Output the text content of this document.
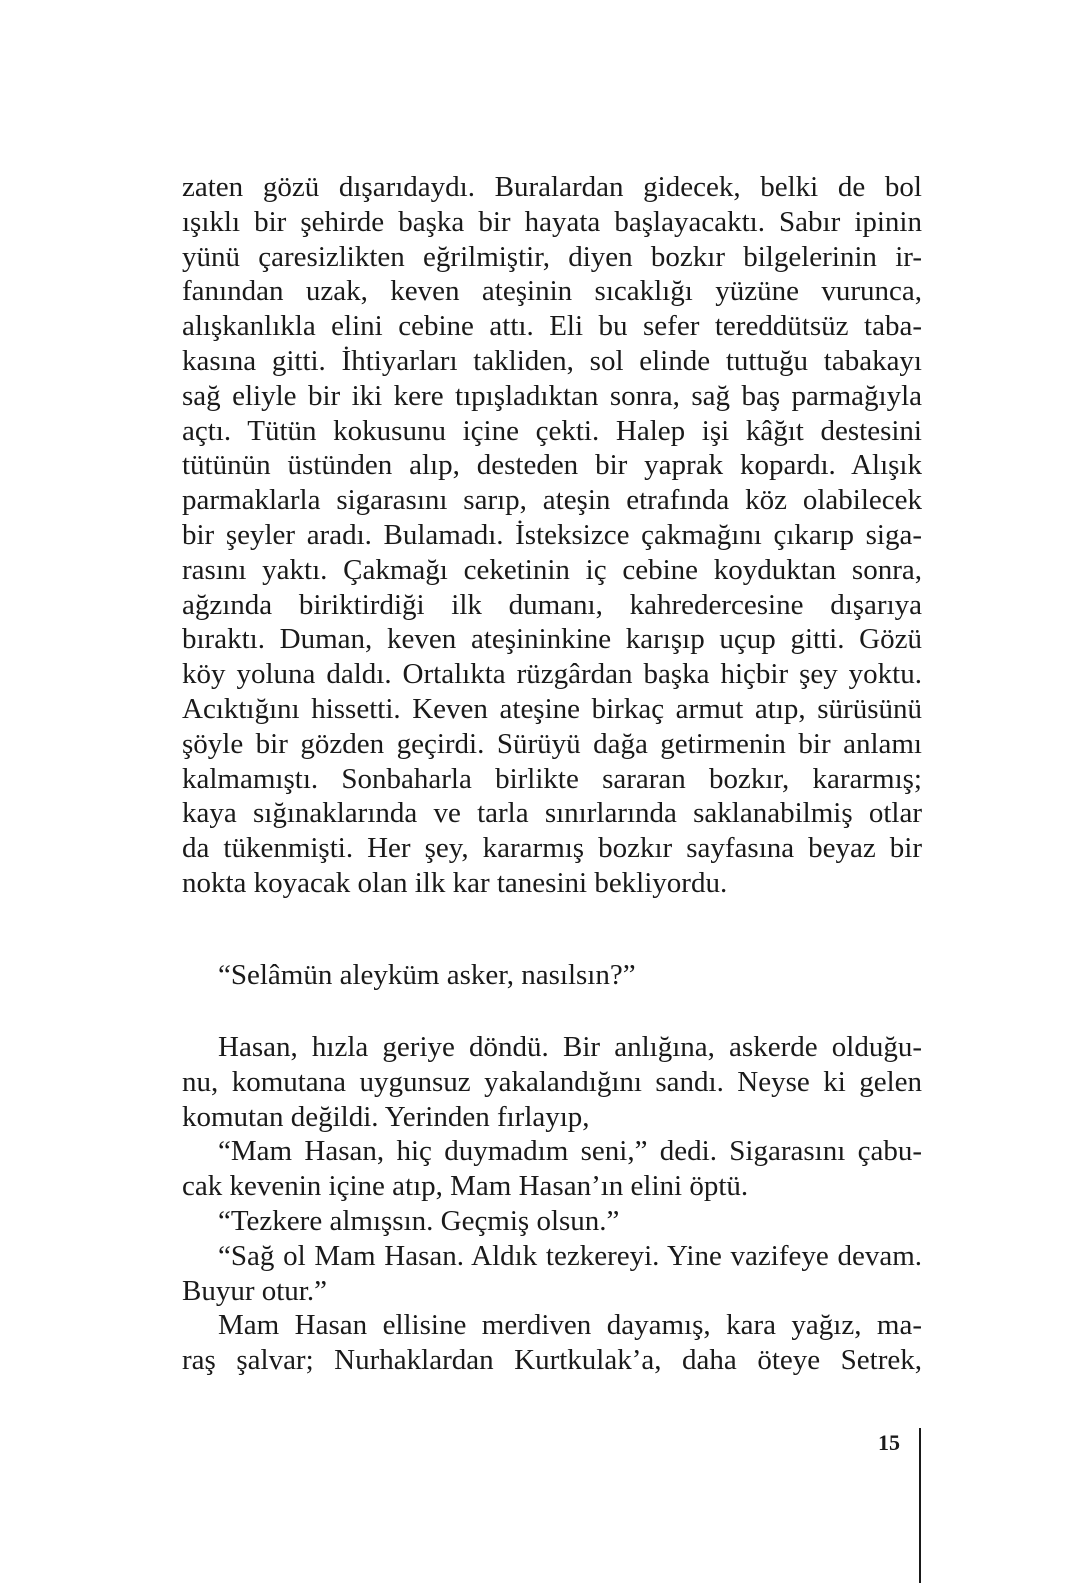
zaten gözü dışarıdaydı. Buralardan gidecek, belki de bol
ışıklı bir şehirde başka bir hayata başlayacaktı. Sabır ipinin
yünü çaresizlikten eğrilmiştir, diyen bozkır bilgelerinin ir-
fanından uzak, keven ateşinin sıcaklığı yüzüne vurunca,
alışkanlıkla elini cebine attı. Eli bu sefer tereddütsüz taba-
kasına gitti. İhtiyarları takliden, sol elinde tuttuğu tabakayı
sağ eliyle bir iki kere tıpışladıktan sonra, sağ baş parmağıyla
açtı. Tütün kokusunu içine çekti. Halep işi kâğıt destesini
tütünün üstünden alıp, desteden bir yaprak kopardı. Alışık
parmaklarla sigarasını sarıp, ateşin etrafında köz olabilecek
bir şeyler aradı. Bulamadı. İsteksizce çakmağını çıkarıp siga-
rasını yaktı. Çakmağı ceketinin iç cebine koyduktan sonra,
ağzında biriktirdiği ilk dumanı, kahredercesine dışarıya
bıraktı. Duman, keven ateşininkine karışıp uçup gitti. Gözü
köy yoluna daldı. Ortalıkta rüzgârdan başka hiçbir şey yoktu.
Acıktığını hissetti. Keven ateşine birkaç armut atıp, sürüsünü
şöyle bir gözden geçirdi. Sürüyü dağa getirmenin bir anlamı
kalmamıştı. Sonbaharla birlikte sararan bozkır, kararmış;
kaya sığınaklarında ve tarla sınırlarında saklanabilmiş otlar
da tükenmişti. Her şey, kararmış bozkır sayfasına beyaz bir
nokta koyacak olan ilk kar tanesini bekliyordu.
“Selâmün aleyküm asker, nasılsın?”
Hasan, hızla geriye döndü. Bir anlığına, askerde olduğu-
nu, komutana uygunsuz yakalandığını sandı. Neyse ki gelen
komutan değildi. Yerinden fırlayıp,
“Mam Hasan, hiç duymadım seni,” dedi. Sigarasını çabu-
cak kevenin içine atıp, Mam Hasan’ın elini öptü.
“Tezkere almışsın. Geçmiş olsun.”
“Sağ ol Mam Hasan. Aldık tezkereyi. Yine vazifeye devam.
Buyur otur.”
Mam Hasan ellisine merdiven dayamış, kara yağız, ma-
raş şalvar; Nurhaklardan Kurtkulak’a, daha öteye Setrek,
15
